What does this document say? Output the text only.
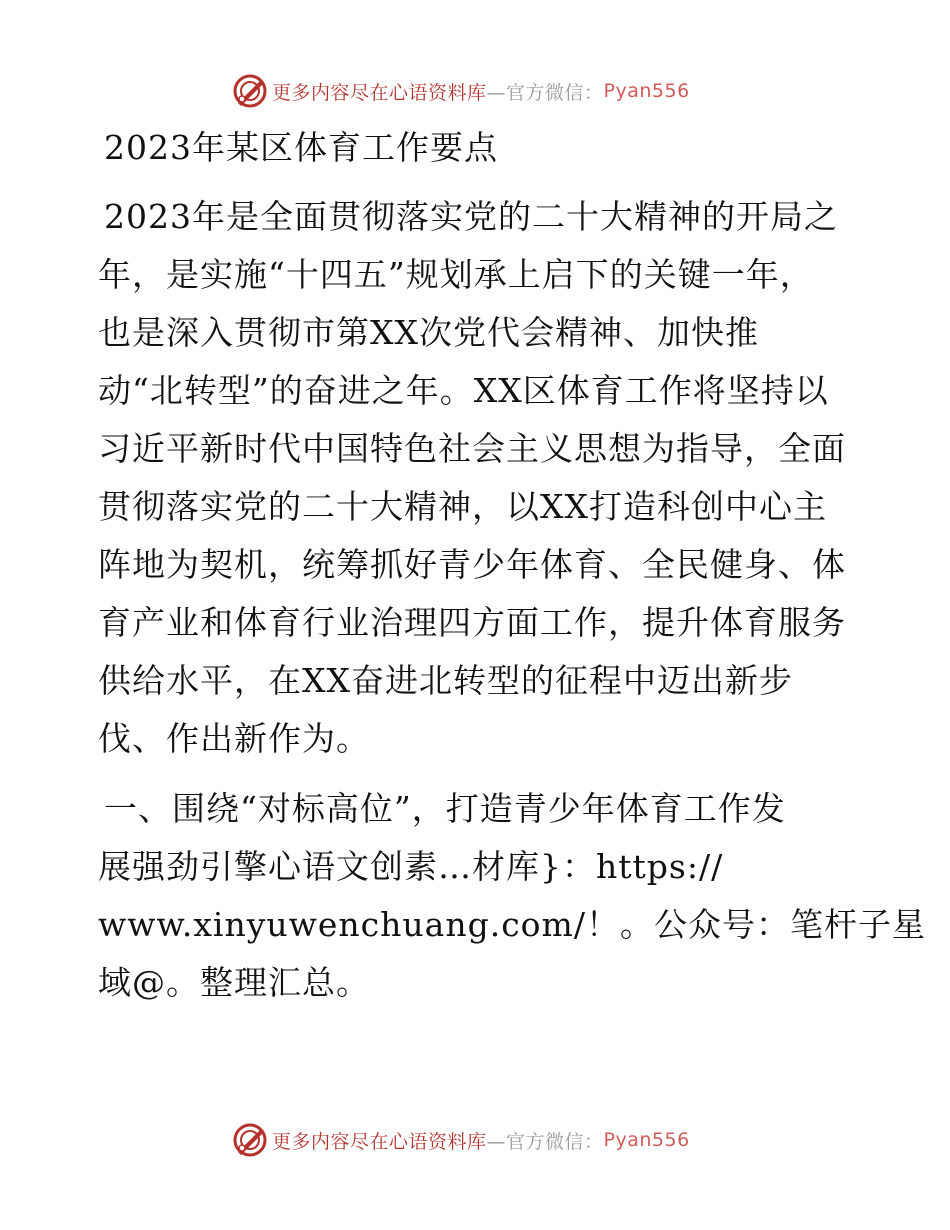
更多内容尽在心语资料库 —官方微信： Pyan556
2023年某区体育工作要点
2023年是全面贯彻落实党的二十大精神的开局之
年，是实施“十四五”规划承上启下的关键一年，
也是深入贯彻市第XX次党代会精神、加快推
动“北转型”的奋进之年。XX区体育工作将坚持以
习近平新时代中国特色社会主义思想为指导，全面
贯彻落实党的二十大精神，以XX打造科创中心主
阵地为契机，统筹抓好青少年体育、全民健身、体
育产业和体育行业治理四方面工作，提升体育服务
供给水平，在XX奋进北转型的征程中迈出新步
伐、作出新作为。
一、围绕“对标高位”，打造青少年体育工作发
展强劲引擎心语文创素…材库}：https://
www.xinyuwenchuang.com/！。公众号：笔杆子星
域@。整理汇总。
更多内容尽在心语资料库 —官方微信： Pyan556
